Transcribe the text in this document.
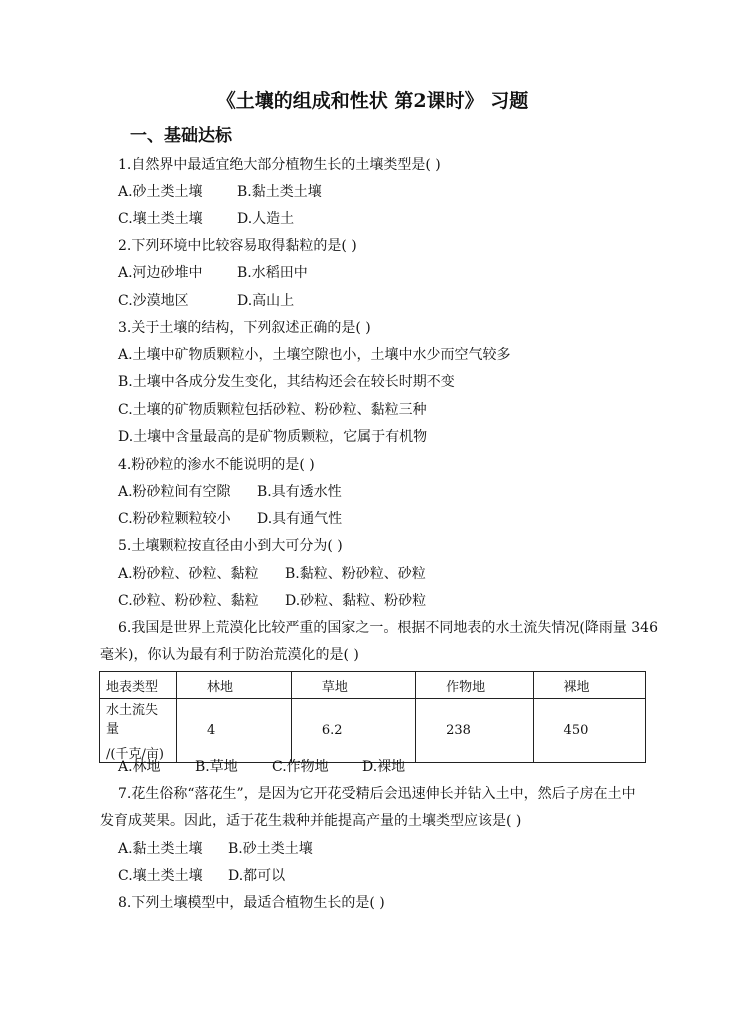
《土壤的组成和性状 第2课时》 习题
一、基础达标
1.自然界中最适宜绝大部分植物生长的土壤类型是( )
A.砂土类土壤 B.黏土类土壤
C.壤土类土壤 D.人造土
2.下列环境中比较容易取得黏粒的是( )
A.河边砂堆中 B.水稻田中
C.沙漠地区	D.高山上
3.关于土壤的结构，下列叙述正确的是( )
A.土壤中矿物质颗粒小，土壤空隙也小，土壤中水少而空气较多
B.土壤中各成分发生变化，其结构还会在较长时期不变
C.土壤的矿物质颗粒包括砂粒、粉砂粒、黏粒三种
D.土壤中含量最高的是矿物质颗粒，它属于有机物
4.粉砂粒的渗水不能说明的是( )
A.粉砂粒间有空隙 B.具有透水性
C.粉砂粒颗粒较小 D.具有通气性
5.土壤颗粒按直径由小到大可分为( )
A.粉砂粒、砂粒、黏粒 B.黏粒、粉砂粒、砂粒
C.砂粒、粉砂粒、黏粒 D.砂粒、黏粒、粉砂粒
6.我国是世界上荒漠化比较严重的国家之一。根据不同地表的水土流失情况(降雨量 346
毫米)，你认为最有利于防治荒漠化的是( )
地表类型	林地	草地	作物地	裸地

水土流失量
/(千克/亩)	4	6.2	238	450
A.林地 B.草地 C.作物地 D.裸地
7.花生俗称“落花生”，是因为它开花受精后会迅速伸长并钻入土中，然后子房在土中
发育成荚果。因此，适于花生栽种并能提高产量的土壤类型应该是( )
A.黏土类土壤 B.砂土类土壤
C.壤土类土壤 D.都可以
8.下列土壤模型中，最适合植物生长的是( )
